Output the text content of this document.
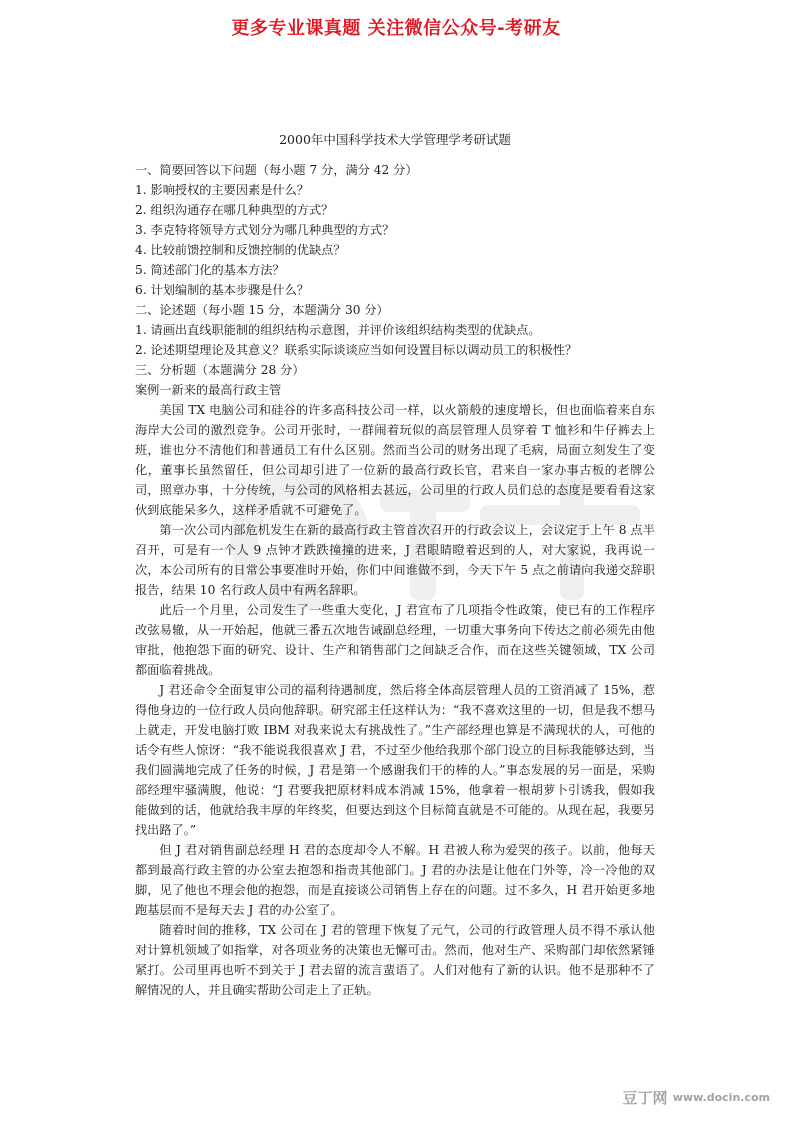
更多专业课真题 关注微信公众号-考研友
2000年中国科学技术大学管理学考研试题
一、简要回答以下问题（每小题 7 分，满分 42 分）
1. 影响授权的主要因素是什么？
2. 组织沟通存在哪几种典型的方式？
3. 李克特将领导方式划分为哪几种典型的方式？
4. 比较前馈控制和反馈控制的优缺点？
5. 简述部门化的基本方法？
6. 计划编制的基本步骤是什么？
二、论述题（每小题 15 分，本题满分 30 分）
1. 请画出直线职能制的组织结构示意图，并评价该组织结构类型的优缺点。
2. 论述期望理论及其意义？联系实际谈谈应当如何设置目标以调动员工的积极性？
三、分析题（本题满分 28 分）
案例一新来的最高行政主管

美国 TX 电脑公司和硅谷的许多高科技公司一样，以火箭般的速度增长，但也面临着来自东海岸大公司的激烈竞争。公司开张时，一群闹着玩似的高层管理人员穿着 T 恤衫和牛仔裤去上班，谁也分不清他们和普通员工有什么区别。然而当公司的财务出现了毛病，局面立刻发生了变化，董事长虽然留任，但公司却引进了一位新的最高行政长官，君来自一家办事古板的老牌公司，照章办事，十分传统，与公司的风格相去甚远，公司里的行政人员们总的态度是要看看这家伙到底能呆多久，这样矛盾就不可避免了。

第一次公司内部危机发生在新的最高行政主管首次召开的行政会议上，会议定于上午 8 点半召开，可是有一个人 9 点钟才跌跌撞撞的进来，J 君眼睛瞪着迟到的人，对大家说，我再说一次，本公司所有的日常公事要准时开始，你们中间谁做不到，今天下午 5 点之前请向我递交辞职报告，结果 10 名行政人员中有两名辞职。

此后一个月里，公司发生了一些重大变化，J 君宣布了几项指令性政策，使已有的工作程序改弦易辙，从一开始起，他就三番五次地告诫副总经理，一切重大事务向下传达之前必须先由他审批，他抱怨下面的研究、设计、生产和销售部门之间缺乏合作，而在这些关键领域，TX 公司都面临着挑战。

J 君还命令全面复审公司的福利待遇制度，然后将全体高层管理人员的工资消减了 15%，惹得他身边的一位行政人员向他辞职。研究部主任这样认为：“我不喜欢这里的一切，但是我不想马上就走，开发电脑打败 IBM 对我来说太有挑战性了。”生产部经理也算是不满现状的人，可他的话令有些人惊讶：“我不能说我很喜欢 J 君，不过至少他给我那个部门设立的目标我能够达到，当我们圆满地完成了任务的时候，J 君是第一个感谢我们干的棒的人。”事态发展的另一面是，采购部经理牢骚满腹，他说：“J 君要我把原材料成本消减 15%，他拿着一根胡萝卜引诱我，假如我能做到的话，他就给我丰厚的年终奖，但要达到这个目标简直就是不可能的。从现在起，我要另找出路了。”

但 J 君对销售副总经理 H 君的态度却令人不解。H 君被人称为爱哭的孩子。以前，他每天都到最高行政主管的办公室去抱怨和指责其他部门。J 君的办法是让他在门外等，冷一冷他的双脚，见了他也不理会他的抱怨，而是直接谈公司销售上存在的问题。过不多久，H 君开始更多地跑基层而不是每天去 J 君的办公室了。

随着时间的推移，TX 公司在 J 君的管理下恢复了元气，公司的行政管理人员不得不承认他对计算机领域了如指掌，对各项业务的决策也无懈可击。然而，他对生产、采购部门却依然紧锤紧打。公司里再也听不到关于 J 君去留的流言蜚语了。人们对他有了新的认识。他不是那种不了解情况的人，并且确实帮助公司走上了正轨。

豆丁网 www.docin.com
